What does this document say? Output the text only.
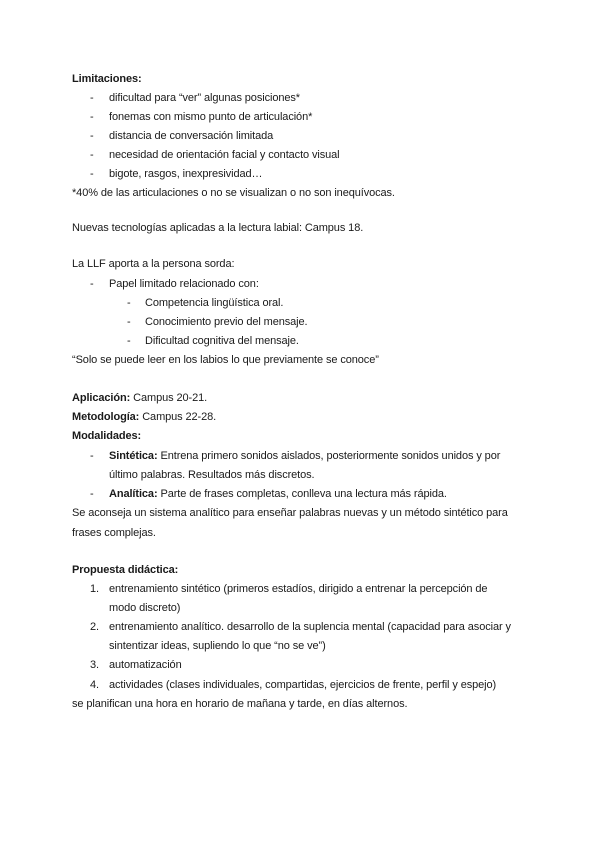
Limitaciones:
- dificultad para “ver” algunas posiciones*
- fonemas con mismo punto de articulación*
- distancia de conversación limitada
- necesidad de orientación facial y contacto visual
- bigote, rasgos, inexpresividad…
*40% de las articulaciones o no se visualizan o no son inequívocas.
Nuevas tecnologías aplicadas a la lectura labial: Campus 18.
La LLF aporta a la persona sorda:
- Papel limitado relacionado con:
- Competencia lingüística oral.
- Conocimiento previo del mensaje.
- Dificultad cognitiva del mensaje.
“Solo se puede leer en los labios lo que previamente se conoce”
Aplicación: Campus 20-21.
Metodología: Campus 22-28.
Modalidades:
- Sintética: Entrena primero sonidos aislados, posteriormente sonidos unidos y por
último palabras. Resultados más discretos.
- Analítica: Parte de frases completas, conlleva una lectura más rápida.
Se aconseja un sistema analítico para enseñar palabras nuevas y un método sintético para
frases complejas.
Propuesta didáctica:
1. entrenamiento sintético (primeros estadíos, dirigido a entrenar la percepción de
modo discreto)
2. entrenamiento analítico. desarrollo de la suplencia mental (capacidad para asociar y
sintentizar ideas, supliendo lo que “no se ve”)
3. automatización
4. actividades (clases individuales, compartidas, ejercicios de frente, perfil y espejo)
se planifican una hora en horario de mañana y tarde, en días alternos.
